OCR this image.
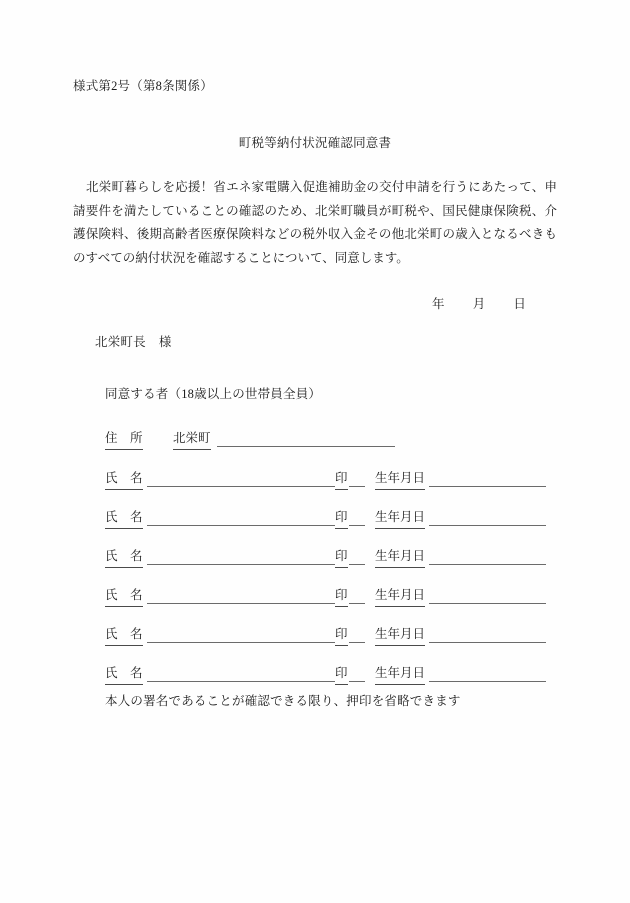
様式第2号（第8条関係）
町税等納付状況確認同意書
北栄町暮らしを応援！省エネ家電購入促進補助金の交付申請を行うにあたって、申請要件を満たしていることの確認のため、北栄町職員が町税や、国民健康保険税、介護保険料、後期高齢者医療保険料などの税外収入金その他北栄町の歳入となるべきものすべての納付状況を確認することについて、同意します。
年 月 日
北栄町長 様
同意する者（18歳以上の世帯員全員）
住　所 北栄町
氏　名	印 生年月日
氏　名	印 生年月日
氏　名	印 生年月日
氏　名	印 生年月日
氏　名	印 生年月日
氏　名	印 生年月日
本人の署名であることが確認できる限り、押印を省略できます
